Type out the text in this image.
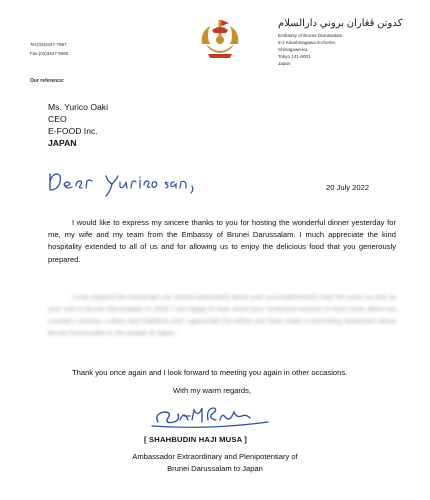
Tel:(03)3447-7997
Fax:(03)3447-9260
كدوتن ڤڠاران بروني دارالسلام
Embassy of Brunei Darussalam,
5-2 Kitashinagawa 6-chome,
Shinagawa-ku,
Tokyo 141-0001
Japan
Our reference:
Ms. Yurico Oaki
CEO
E-FOOD Inc.
JAPAN
20 July 2022

I would like to express my sincere thanks to you for hosting the wonderful dinner yesterday for me, my wife and my team from the Embassy of Brunei Darussalam. I much appreciate the kind hospitality extended to all of us and for allowing us to enjoy the delicious food that you generously prepared.

I truly enjoyed the exchanges we shared particularly about your accomplishments over the years as well as your visit to Brunei Darussalam in 2019. I am happy to hear about your continued passion to learn more about our country's cuisines, culture and traditions and I appreciate the efforts you have made in promoting awareness about Brunei Darussalam to the people of Japan.

Thank you once again and I look forward to meeting you again in other occasions.

With my warm regards,
[ SHAHBUDIN HAJI MUSA ]
Ambassador Extraordinary and Plenipotentiary of
Brunei Darussalam to Japan
